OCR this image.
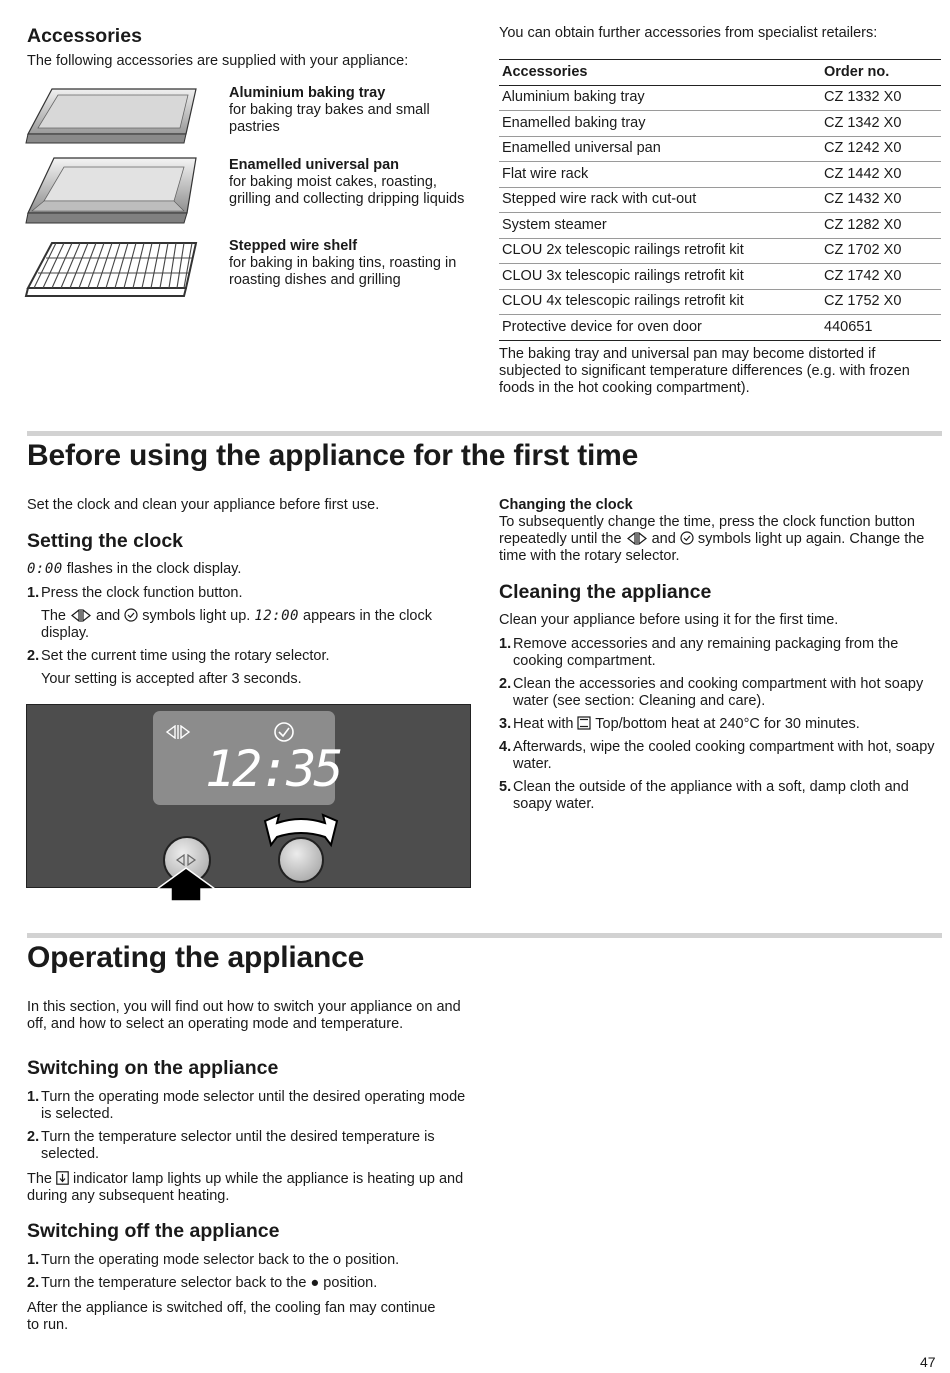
Accessories

The following accessories are supplied with your appliance:

Aluminium baking tray

for baking tray bakes and small pastries

Enamelled universal pan

for baking moist cakes, roasting, grilling and collecting dripping liquids

Stepped wire shelf

for baking in baking tins, roasting in roasting dishes and grilling

You can obtain further accessories from specialist retailers:

Accessories	Order no.
Aluminium baking tray	CZ 1332 X0
Enamelled baking tray	CZ 1342 X0
Enamelled universal pan	CZ 1242 X0
Flat wire rack	CZ 1442 X0
Stepped wire rack with cut-out	CZ 1432 X0
System steamer	CZ 1282 X0
CLOU 2x telescopic railings retrofit kit	CZ 1702 X0
CLOU 3x telescopic railings retrofit kit	CZ 1742 X0
CLOU 4x telescopic railings retrofit kit	CZ 1752 X0
Protective device for oven door	440651

The baking tray and universal pan may become distorted if subjected to significant temperature differences (e.g. with frozen foods in the hot cooking compartment).

Before using the appliance for the first time

Set the clock and clean your appliance before first use.

Setting the clock

0:00 flashes in the clock display.

1. Press the clock function button.
The  and  symbols light up. 12:00 appears in the clock display.
2. Set the current time using the rotary selector.
Your setting is accepted after 3 seconds.
12:35

Changing the clock

To subsequently change the time, press the clock function button repeatedly until the  and  symbols light up again. Change the time with the rotary selector.

Cleaning the appliance

Clean your appliance before using it for the first time.

1. Remove accessories and any remaining packaging from the cooking compartment.
2. Clean the accessories and cooking compartment with hot soapy water (see section: Cleaning and care).
3. Heat with  Top/bottom heat at 240°C for 30 minutes.
4. Afterwards, wipe the cooled cooking compartment with hot, soapy water.
5. Clean the outside of the appliance with a soft, damp cloth and soapy water.
Operating the appliance

In this section, you will find out how to switch your appliance on and off, and how to select an operating mode and temperature.

Switching on the appliance
1. Turn the operating mode selector until the desired operating mode is selected.
2. Turn the temperature selector until the desired temperature is selected.

The  indicator lamp lights up while the appliance is heating up and during any subsequent heating.

Switching off the appliance
1. Turn the operating mode selector back to the o position.
2. Turn the temperature selector back to the ● position.

After the appliance is switched off, the cooling fan may continue to run.

47
